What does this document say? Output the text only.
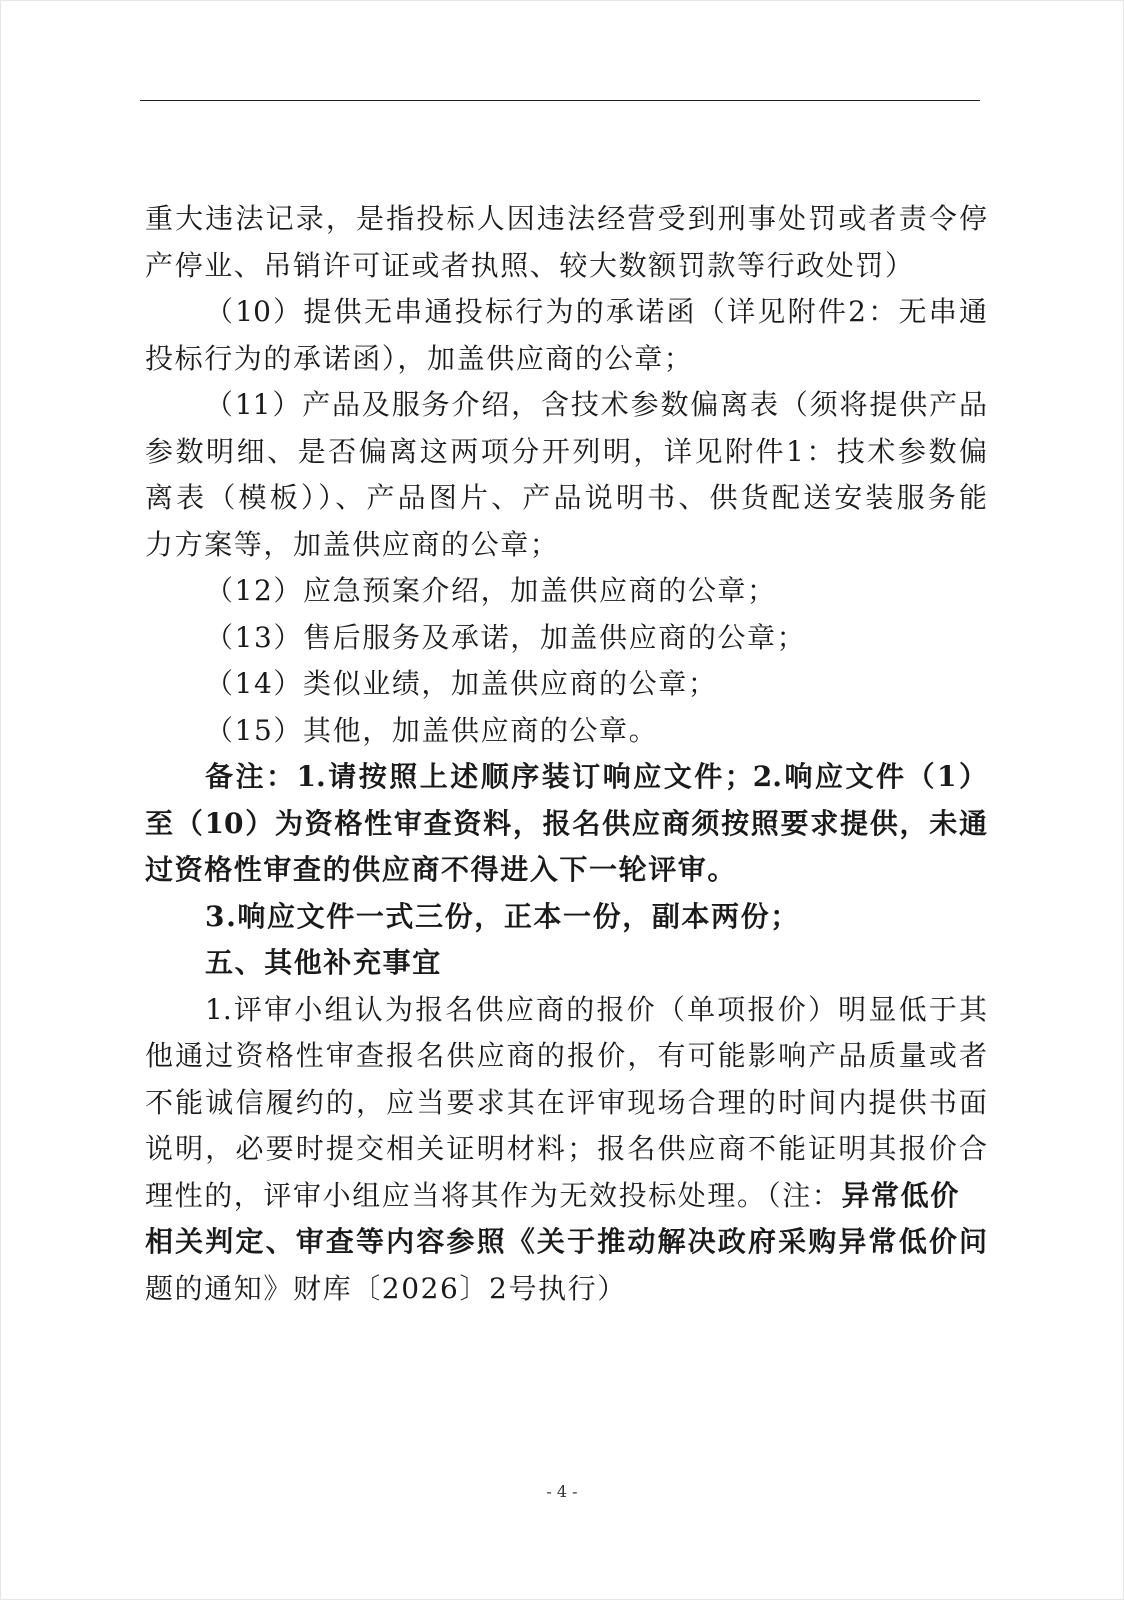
重大违法记录，是指投标人因违法经营受到刑事处罚或者责令停
产停业、吊销许可证或者执照、较大数额罚款等行政处罚）
（10）提供无串通投标行为的承诺函（详见附件2：无串通
投标行为的承诺函），加盖供应商的公章；
（11）产品及服务介绍，含技术参数偏离表（须将提供产品
参数明细、是否偏离这两项分开列明，详见附件1：技术参数偏
离表（模板））、产品图片、产品说明书、供货配送安装服务能
力方案等，加盖供应商的公章；
（12）应急预案介绍，加盖供应商的公章；
（13）售后服务及承诺，加盖供应商的公章；
（14）类似业绩，加盖供应商的公章；
（15）其他，加盖供应商的公章。
备注：1.请按照上述顺序装订响应文件；2.响应文件（1）
至（10）为资格性审查资料，报名供应商须按照要求提供，未通
过资格性审查的供应商不得进入下一轮评审。
3.响应文件一式三份，正本一份，副本两份；
五、其他补充事宜
1.评审小组认为报名供应商的报价（单项报价）明显低于其
他通过资格性审查报名供应商的报价，有可能影响产品质量或者
不能诚信履约的，应当要求其在评审现场合理的时间内提供书面
说明，必要时提交相关证明材料；报名供应商不能证明其报价合
理性的，评审小组应当将其作为无效投标处理。（注：异常低价
相关判定、审查等内容参照《关于推动解决政府采购异常低价问
题的通知》财库〔2026〕2号执行）
- 4 -
